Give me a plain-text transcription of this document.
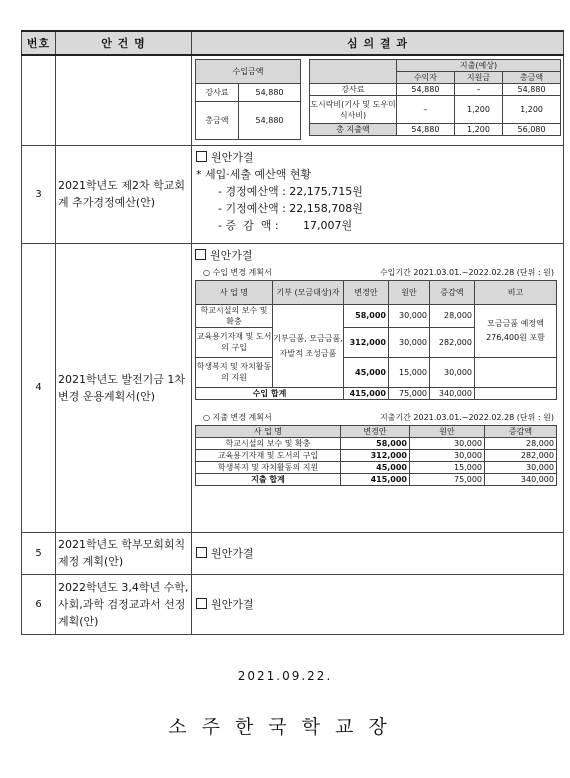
번호	안 건 명	심 의 결 과

수입금액
강사료	54,880
총금액	54,880
	지출(예상)
수익자	지원금	총금액
강사료	54,880	–	54,880
도시락비(기사 및 도우미 식사비)	–	1,200	1,200
총 지출액	54,880	1,200	56,080

3	2021학년도 제2차 학교회계 추가경정예산(안)	
원안가결
* 세입·세출 예산액 현황
- 경정예산액 : 22,175,715원
- 기정예산액 : 22,158,708원
- 증  감  액 :       17,007원

4	2021학년도 발전기금 1차 변경 운용계획서(안)	
원안가결
○ 수입 변경 계획서	수입기간 2021.03.01.~2022.02.28 (단위 : 원)
사 업 명	기부 (모금대상)자	변경안	원안	증감액	비고
학교시설의 보수 및 확충	기부금품, 모금금품, 자발적 조성금품	58,000	30,000	28,000	모금금품 예정액 276,400원 포함
교육용기자재 및 도서의 구입	312,000	30,000	282,000
학생복지 및 자치활동의 지원	45,000	15,000	30,000	
수입 합계	415,000	75,000	340,000	
○ 지출 변경 계획서	지출기간 2021.03.01.~2022.02.28 (단위 : 원)
사 업 명	변경안	원안	증감액
학교시설의 보수 및 확충	58,000	30,000	28,000
교육용기자재 및 도서의 구입	312,000	30,000	282,000
학생복지 및 자치활동의 지원	45,000	15,000	30,000
지출 합계	415,000	75,000	340,000

5	2021학년도 학부모회회칙 제정 계획(안)	원안가결
6	2022학년도 3,4학년 수학,사회,과학 검정교과서 선정계획(안)	원안가결
2021.09.22.
소주한국학교장
